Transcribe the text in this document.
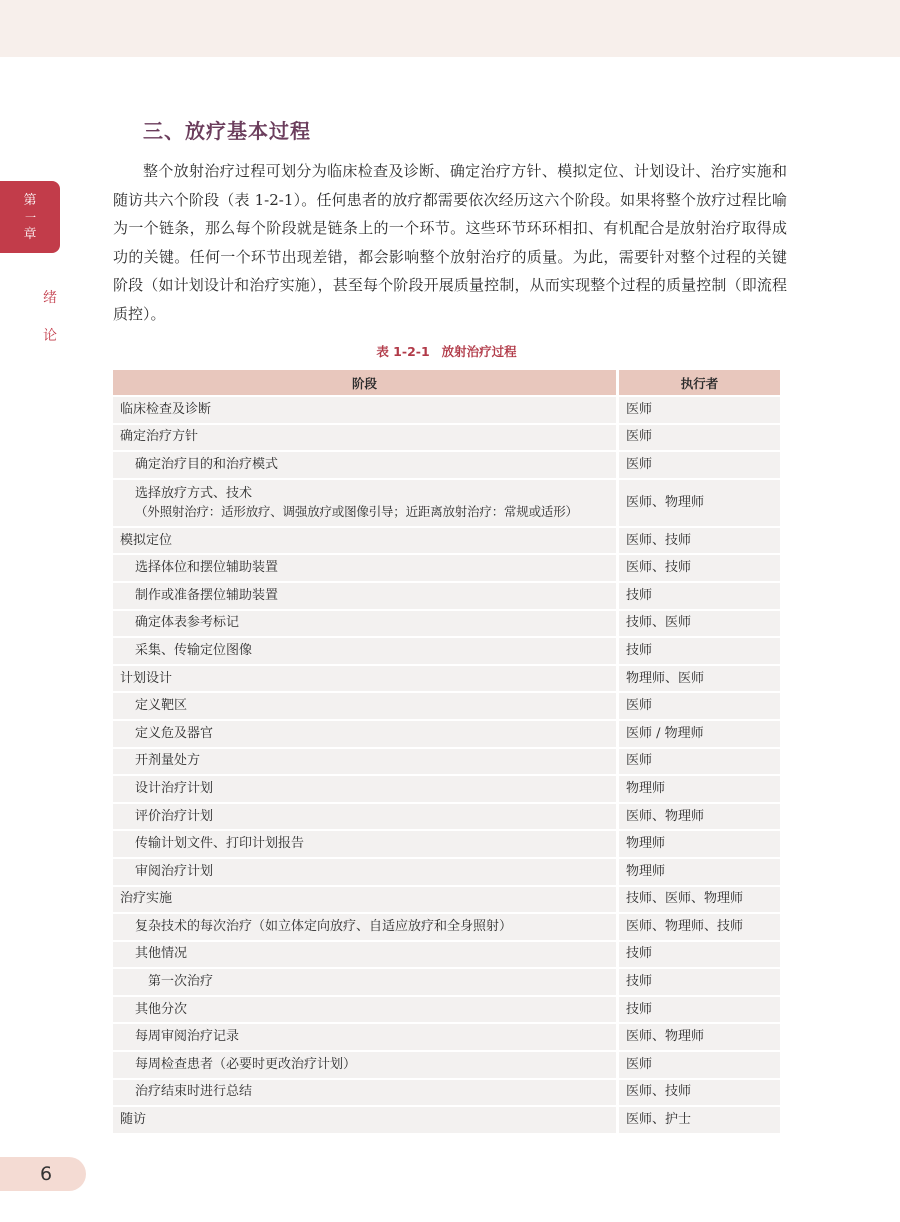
第
一
章
绪
论
三、放疗基本过程

整个放射治疗过程可划分为临床检查及诊断、确定治疗方针、模拟定位、计划设计、治疗实施和随访共六个阶段（表 1-2-1）。任何患者的放疗都需要依次经历这六个阶段。如果将整个放疗过程比喻为一个链条，那么每个阶段就是链条上的一个环节。这些环节环环相扣、有机配合是放射治疗取得成功的关键。任何一个环节出现差错，都会影响整个放射治疗的质量。为此，需要针对整个过程的关键阶段（如计划设计和治疗实施），甚至每个阶段开展质量控制，从而实现整个过程的质量控制（即流程质控）。

表 1-2-1 放射治疗过程
阶段	执行者
临床检查及诊断	医师
确定治疗方针	医师
确定治疗目的和治疗模式	医师
选择放疗方式、技术
（外照射治疗：适形放疗、调强放疗或图像引导；近距离放射治疗：常规或适形）	医师、物理师
模拟定位	医师、技师
选择体位和摆位辅助装置	医师、技师
制作或准备摆位辅助装置	技师
确定体表参考标记	技师、医师
采集、传输定位图像	技师
计划设计	物理师、医师
定义靶区	医师
定义危及器官	医师 / 物理师
开剂量处方	医师
设计治疗计划	物理师
评价治疗计划	医师、物理师
传输计划文件、打印计划报告	物理师
审阅治疗计划	物理师
治疗实施	技师、医师、物理师
复杂技术的每次治疗（如立体定向放疗、自适应放疗和全身照射）	医师、物理师、技师
其他情况	技师
第一次治疗	技师
其他分次	技师
每周审阅治疗记录	医师、物理师
每周检查患者（必要时更改治疗计划）	医师
治疗结束时进行总结	医师、技师
随访	医师、护士
6
